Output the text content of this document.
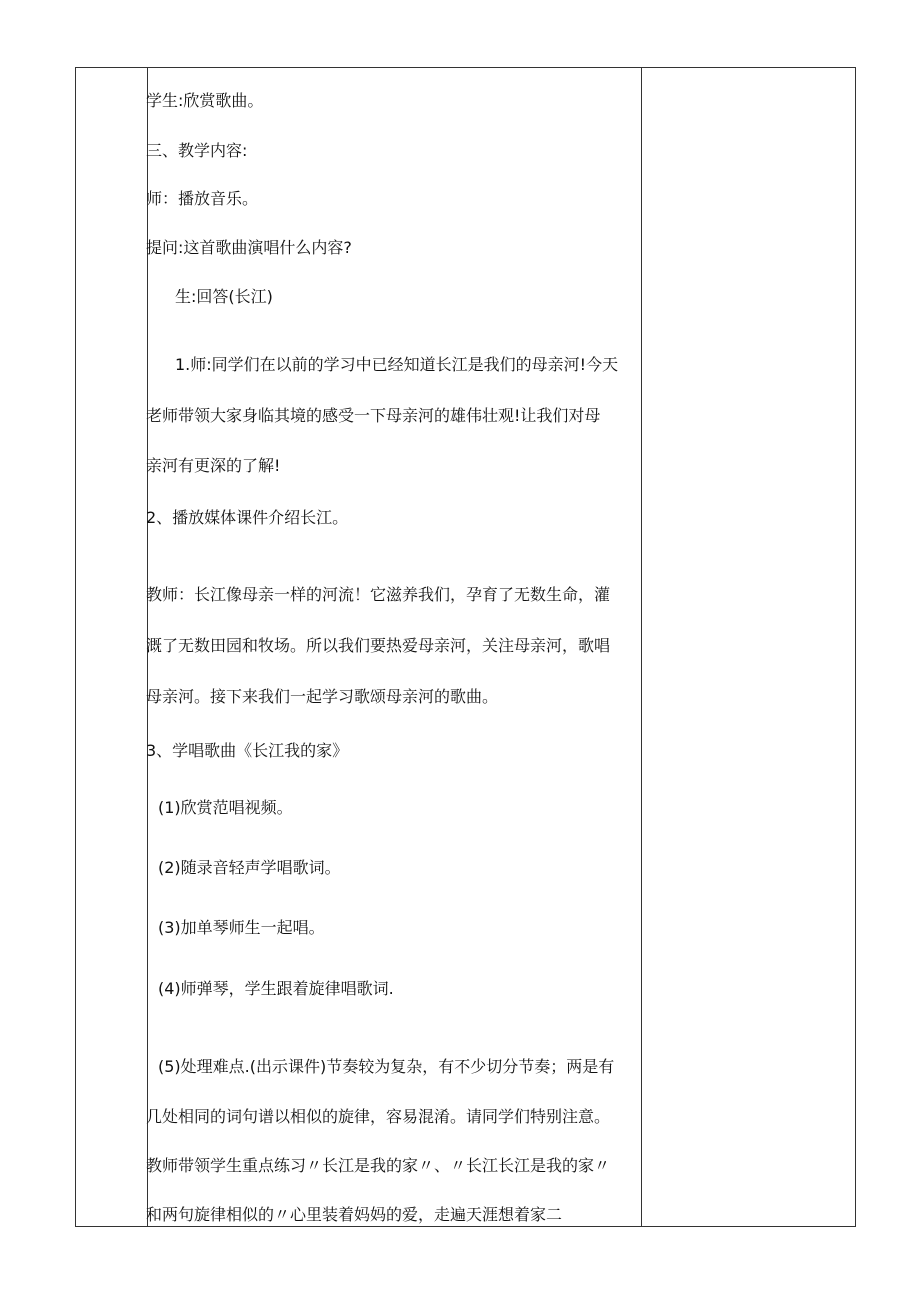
学生:欣赏歌曲。
三、教学内容:
师：播放音乐。
提问:这首歌曲演唱什么内容?
生:回答(长江)
1.师:同学们在以前的学习中已经知道长江是我们的母亲河!今天
老师带领大家身临其境的感受一下母亲河的雄伟壮观!让我们对母
亲河有更深的了解!
2、播放媒体课件介绍长江。
教师：长江像母亲一样的河流！它滋养我们，孕育了无数生命，灌
溉了无数田园和牧场。所以我们要热爱母亲河，关注母亲河，歌唱
母亲河。接下来我们一起学习歌颂母亲河的歌曲。
3、学唱歌曲《长江我的家》
(1)欣赏范唱视频。
(2)随录音轻声学唱歌词。
(3)加单琴师生一起唱。
(4)师弹琴，学生跟着旋律唱歌词.
(5)处理难点.(出示课件)节奏较为复杂，有不少切分节奏；两是有
几处相同的词句谱以相似的旋律，容易混淆。请同学们特别注意。
教师带领学生重点练习〃长江是我的家〃、〃长江长江是我的家〃
和两句旋律相似的〃心里装着妈妈的爱，走遍天涯想着家二
